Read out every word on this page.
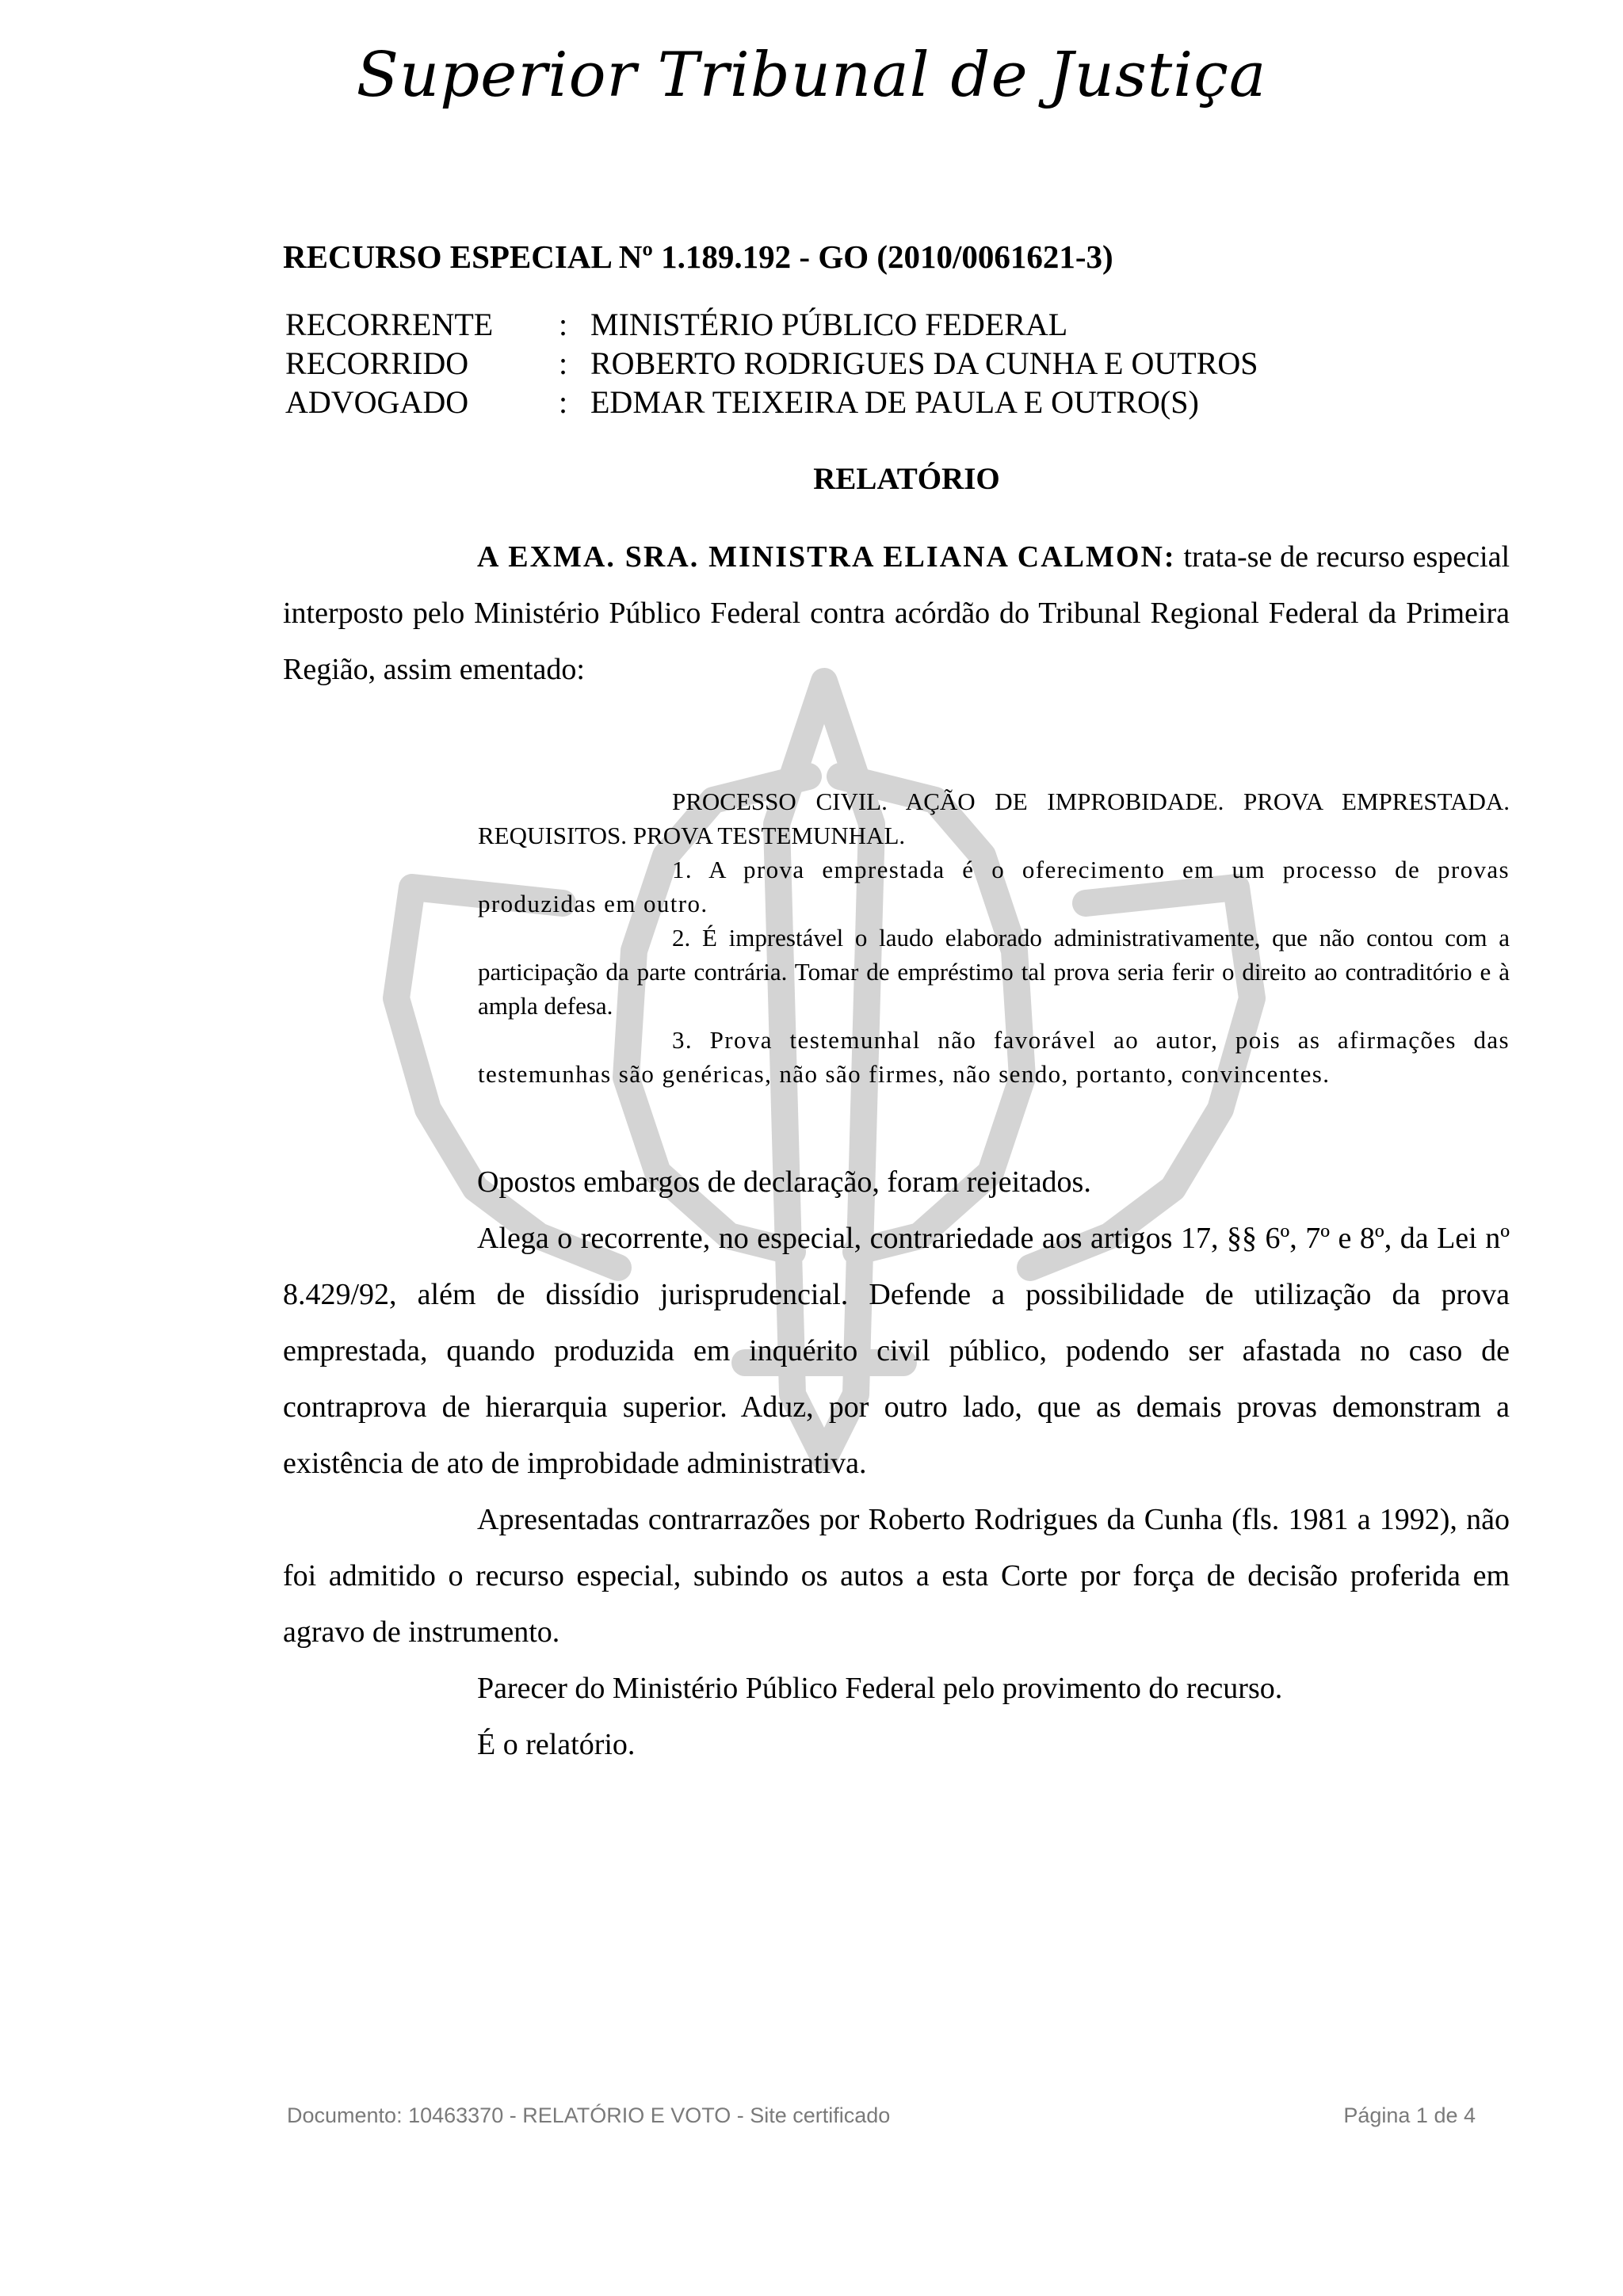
Superior Tribunal de Justiça
RECURSO ESPECIAL Nº 1.189.192 - GO (2010/0061621-3)
RECORRENTE	: MINISTÉRIO PÚBLICO FEDERAL
RECORRIDO	: ROBERTO RODRIGUES DA CUNHA E OUTROS
ADVOGADO	: EDMAR TEIXEIRA DE PAULA E OUTRO(S)
RELATÓRIO

A EXMA. SRA. MINISTRA ELIANA CALMON: trata-se de recurso especial interposto pelo Ministério Público Federal contra acórdão do Tribunal Regional Federal da Primeira Região, assim ementado:

PROCESSO CIVIL. AÇÃO DE IMPROBIDADE. PROVA EMPRESTADA. REQUISITOS. PROVA TESTEMUNHAL.

1. A prova emprestada é o oferecimento em um processo de provas produzidas em outro.

2. É imprestável o laudo elaborado administrativamente, que não contou com a participação da parte contrária. Tomar de empréstimo tal prova seria ferir o direito ao contraditório e à ampla defesa.

3. Prova testemunhal não favorável ao autor, pois as afirmações das testemunhas são genéricas, não são firmes, não sendo, portanto, convincentes.

Opostos embargos de declaração, foram rejeitados.

Alega o recorrente, no especial, contrariedade aos artigos 17, §§ 6º, 7º e 8º, da Lei nº 8.429/92, além de dissídio jurisprudencial. Defende a possibilidade de utilização da prova emprestada, quando produzida em inquérito civil público, podendo ser afastada no caso de contraprova de hierarquia superior. Aduz, por outro lado, que as demais provas demonstram a existência de ato de improbidade administrativa.

Apresentadas contrarrazões por Roberto Rodrigues da Cunha (fls. 1981 a 1992), não foi admitido o recurso especial, subindo os autos a esta Corte por força de decisão proferida em agravo de instrumento.

Parecer do Ministério Público Federal pelo provimento do recurso.

É o relatório.

Documento: 10463370 - RELATÓRIO E VOTO - Site certificado	Página 1 de 4
